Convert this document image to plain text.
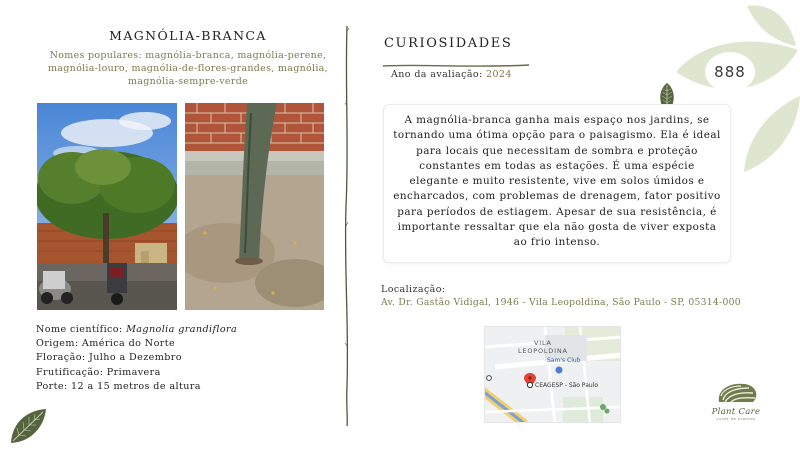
MAGNÓLIA-BRANCA
Nomes populares: magnólia-branca, magnólia-perene, magnólia-louro, magnólia-de-flores-grandes, magnólia, magnólia-sempre-verde
Nome científico: Magnolia grandiflora
Origem: América do Norte
Floração: Julho a Dezembro
Frutificação: Primavera
Porte: 12 a 15 metros de altura
CURIOSIDADES
Ano da avaliação: 2024

A magnólia-branca ganha mais espaço nos jardins, se tornando uma ótima opção para o paisagismo. Ela é ideal para locais que necessitam de sombra e proteção constantes em todas as estações. É uma espécie elegante e muito resistente, vive em solos úmidos e encharcados, com problemas de drenagem, fator positivo para períodos de estiagem. Apesar de sua resistência, é importante ressaltar que ela não gosta de viver exposta ao frio intenso.

Localização:
Av. Dr. Gastão Vidigal, 1946 - Vila Leopoldina, São Paulo - SP, 05314-000
VILA
LEOPOLDINA
Sam's Club
CEAGESP - São Paulo
888
Plant Care
cuide de plantas
